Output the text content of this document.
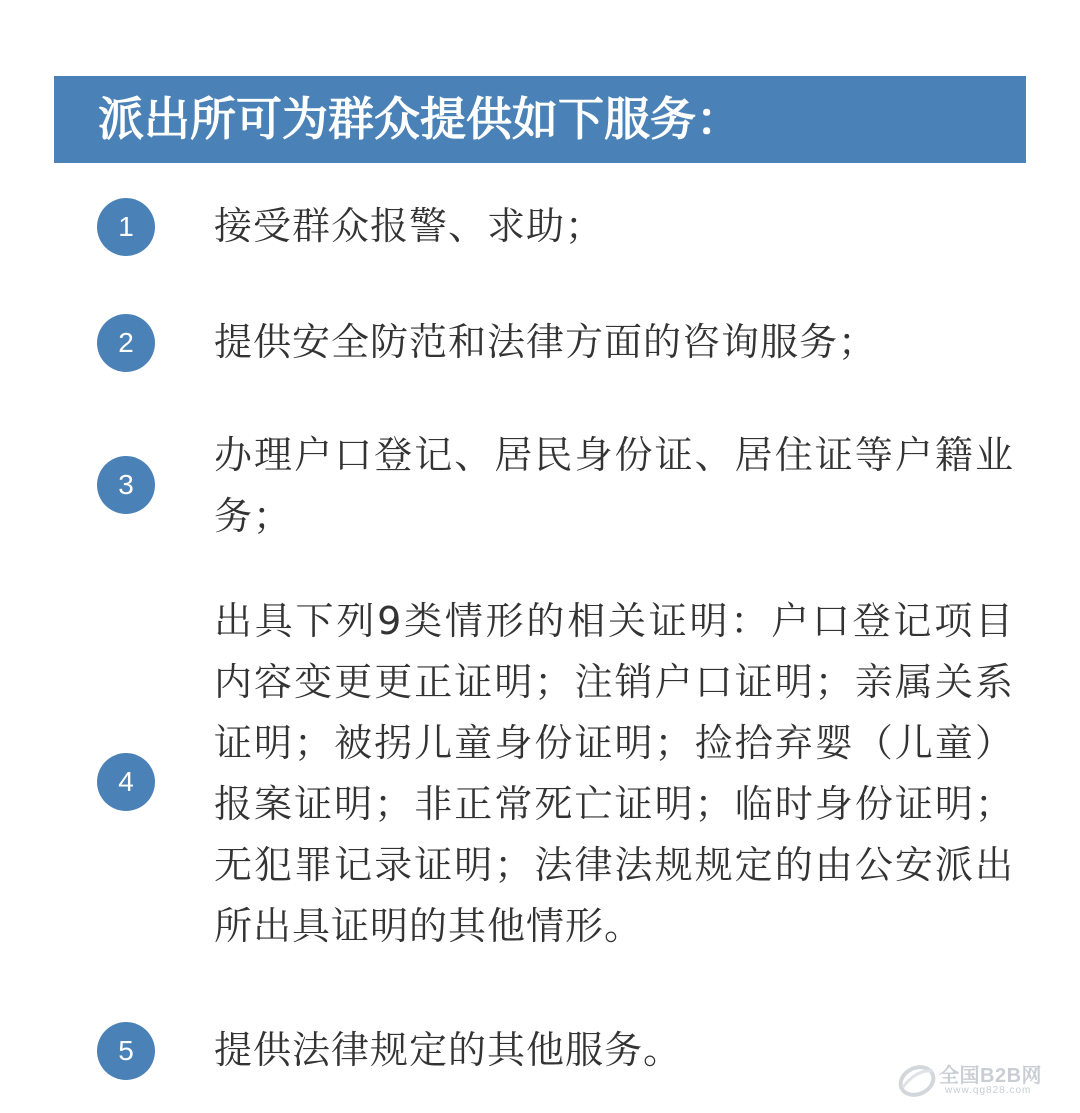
派出所可为群众提供如下服务：
1	接受群众报警、求助；
2	提供安全防范和法律方面的咨询服务；
3
办理户口登记、居民身份证、居住证等户籍业务；
4
出具下列9类情形的相关证明：户口登记项目内容变更更正证明；注销户口证明；亲属关系证明；被拐儿童身份证明；捡拾弃婴（儿童）报案证明；非正常死亡证明；临时身份证明；无犯罪记录证明；法律法规规定的由公安派出所出具证明的其他情形。
5	提供法律规定的其他服务。
全国B2B网
www.qg828.com
